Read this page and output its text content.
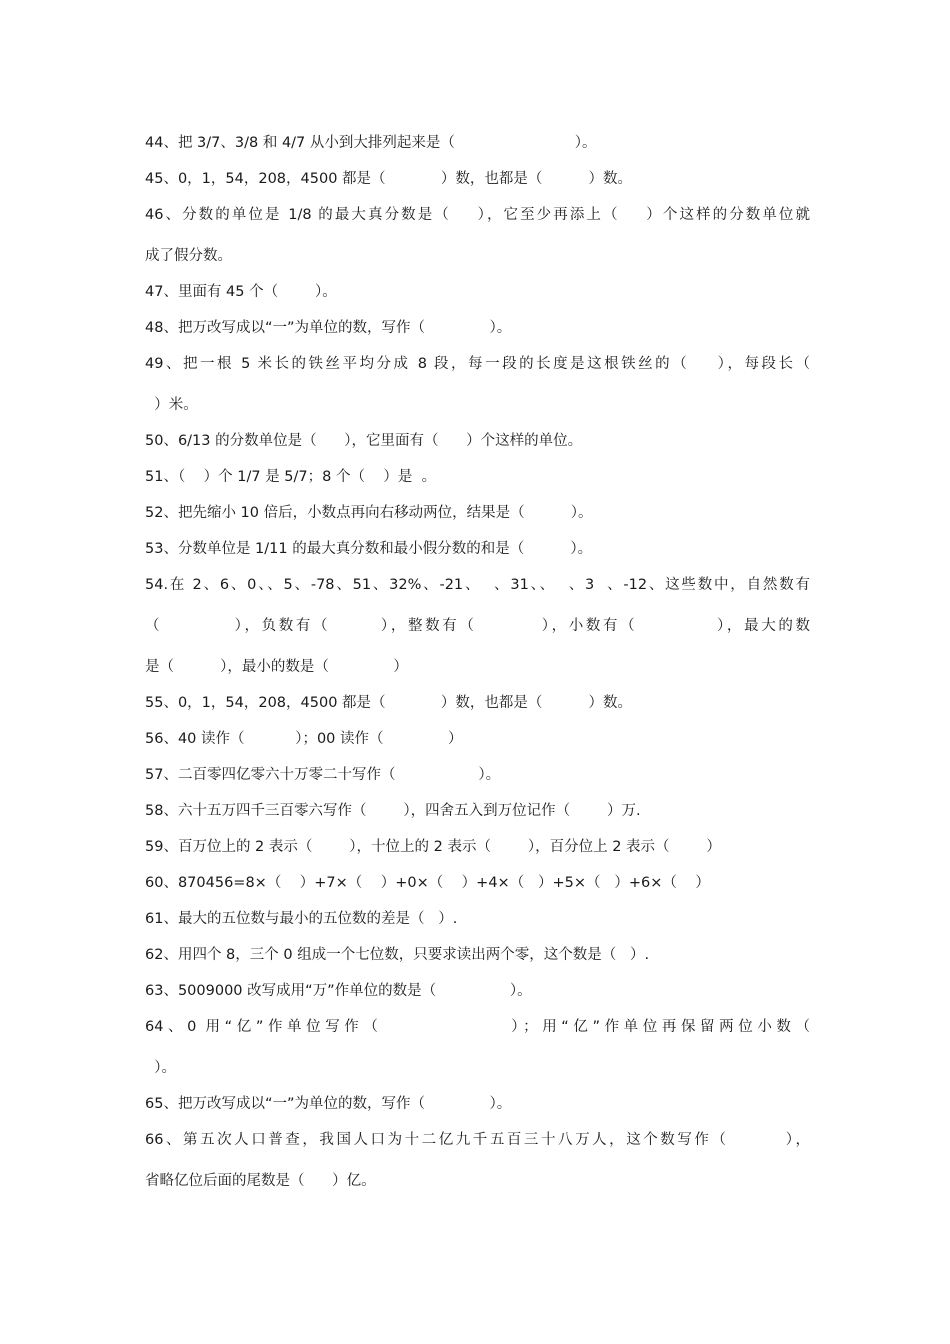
44、把 3/7、3/8 和 4/7 从小到大排列起来是（                          ）。

45、0，1，54，208，4500 都是（            ）数，也都是（          ）数。

46、分数的单位是 1/8 的最大真分数是（    ），它至少再添上（    ）个这样的分数单位就

成了假分数。

47、里面有 45 个（        ）。

48、把万改写成以“一”为单位的数，写作（              ）。

49、把一根 5 米长的铁丝平均分成 8 段，每一段的长度是这根铁丝的（    ），每段长（

）米。

50、6/13 的分数单位是（      ），它里面有（      ）个这样的单位。

51、（    ）个 1/7 是 5/7；8 个（    ）是  。

52、把先缩小 10 倍后，小数点再向右移动两位，结果是（          ）。

53、分数单位是 1/11 的最大真分数和最小假分数的和是（          ）。

54.在 2、6、0、、5、-78、51、32%、-21、  、31、、  、3  、-12、这些数中，自然数有

（          ），负数有（       ），整数有（         ），小数有（           ），最大的数

是（          ），最小的数是（              ）

55、0，1，54，208，4500 都是（            ）数，也都是（          ）数。

56、40 读作（           ）；00 读作（              ）

57、二百零四亿零六十万零二十写作（                  ）。

58、六十五万四千三百零六写作（        ），四舍五入到万位记作（        ）万.

59、百万位上的 2 表示（        ），十位上的 2 表示（        ），百分位上 2 表示（        ）

60、870456=8×（    ）+7×（    ）+0×（    ）+4×（   ）+5×（   ）+6×（    ）

61、最大的五位数与最小的五位数的差是（   ）.

62、用四个 8，三个 0 组成一个七位数，只要求读出两个零，这个数是（   ）.

63、5009000 改写成用“万”作单位的数是（                ）。

64、0 用“亿”作单位写作（              ）；用“亿”作单位再保留两位小数（

）。

65、把万改写成以“一”为单位的数，写作（              ）。

66、第五次人口普查，我国人口为十二亿九千五百三十八万人，这个数写作（        ），

省略亿位后面的尾数是（      ）亿。
